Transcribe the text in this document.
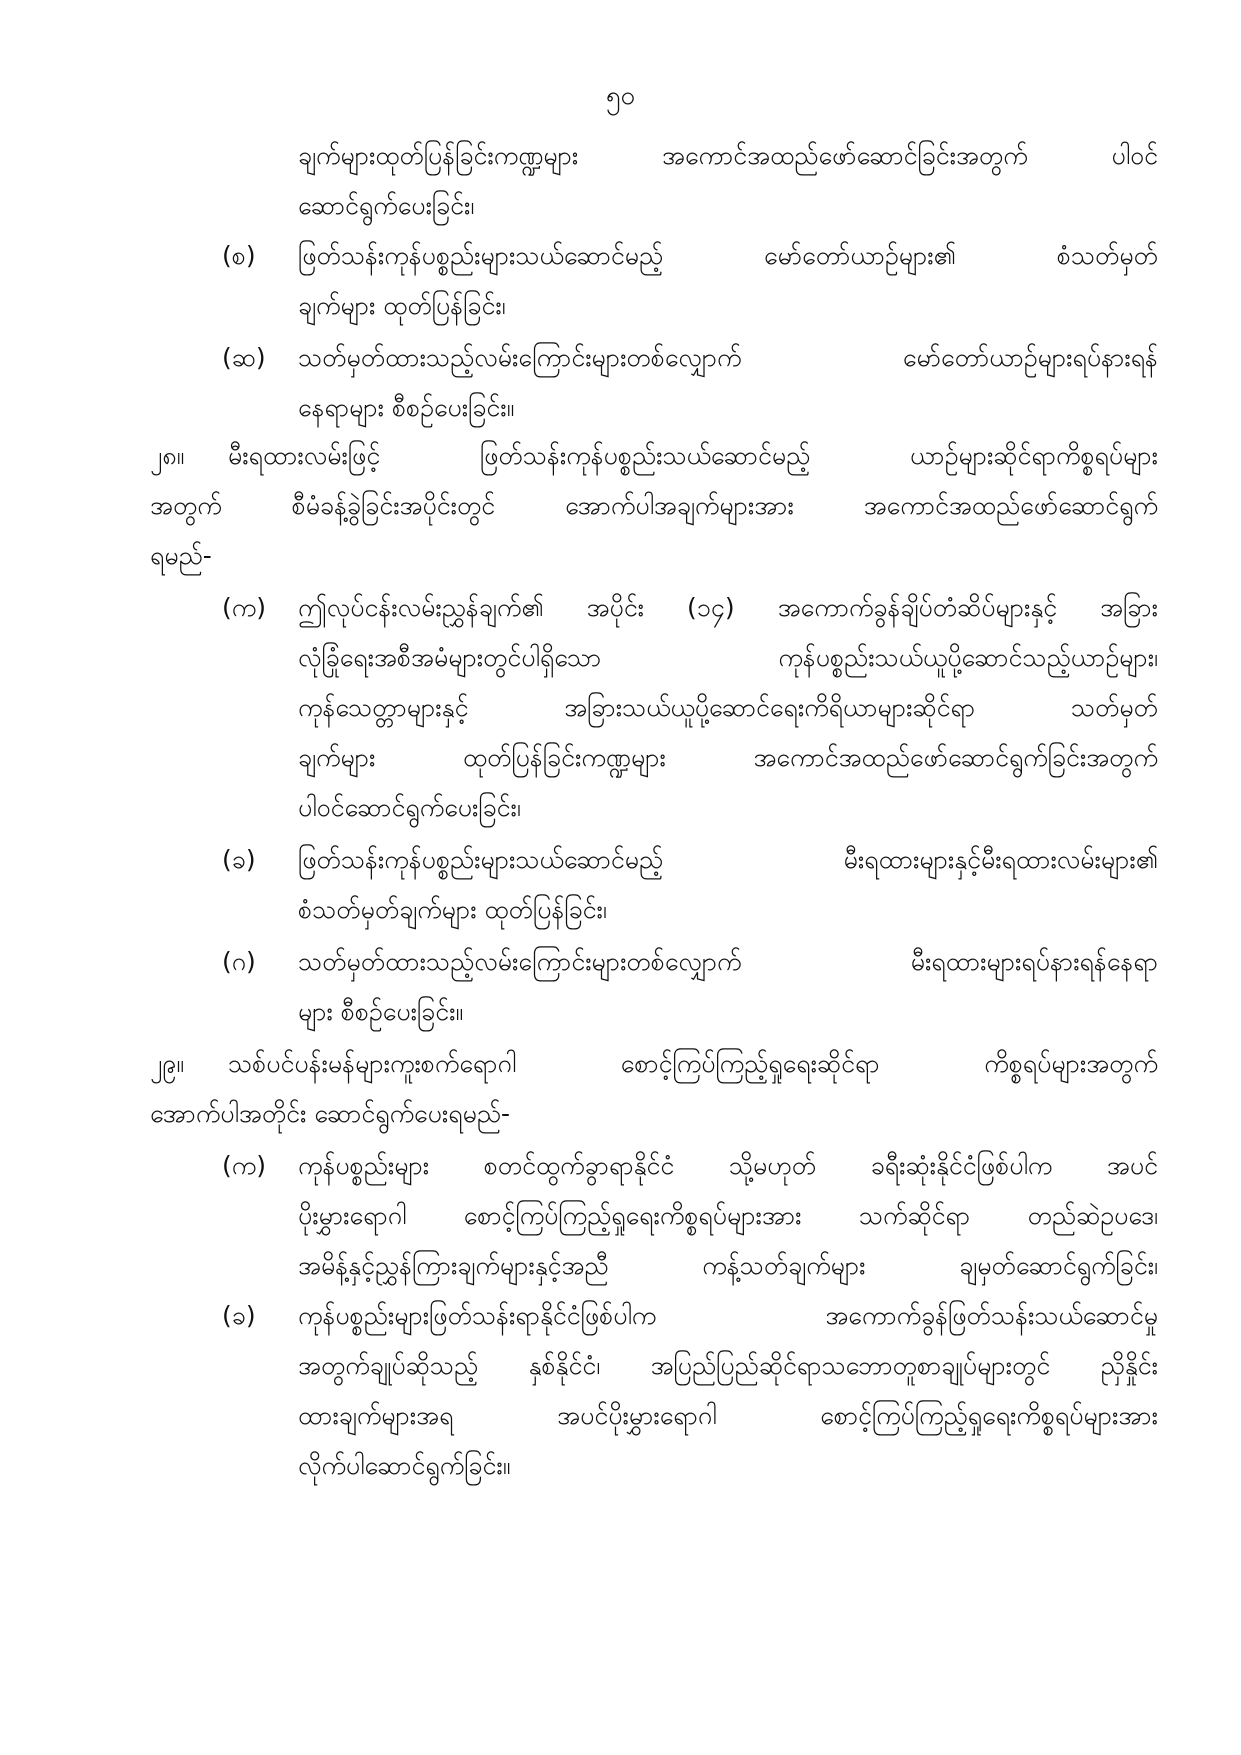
၅၀
ချက်များထုတ်ပြန်ခြင်းကဏ္ဍများ	အကောင်အထည်ဖော်ဆောင်ခြင်းအတွက်	ပါဝင်
ဆောင်ရွက်ပေးခြင်း၊
(စ) ဖြတ်သန်းကုန်ပစ္စည်းများသယ်ဆောင်မည့်	မော်တော်ယာဉ်များ၏	စံသတ်မှတ်
ချက်များ ထုတ်ပြန်ခြင်း၊
(ဆ) သတ်မှတ်ထားသည့်လမ်းကြောင်းများတစ်လျှောက်	မော်တော်ယာဉ်များရပ်နားရန်
နေရာများ စီစဉ်ပေးခြင်း။
၂၈။ မီးရထားလမ်းဖြင့်	ဖြတ်သန်းကုန်ပစ္စည်းသယ်ဆောင်မည့်	ယာဉ်များဆိုင်ရာကိစ္စရပ်များ
အတွက်	စီမံခန့်ခွဲခြင်းအပိုင်းတွင်	အောက်ပါအချက်များအား	အကောင်အထည်ဖော်ဆောင်ရွက်
ရမည်-
(က) ဤလုပ်ငန်းလမ်းညွှန်ချက်၏ အပိုင်း (၁၄) အကောက်ခွန်ချိပ်တံဆိပ်များနှင့် အခြား
လုံခြုံရေးအစီအမံများတွင်ပါရှိသော	ကုန်ပစ္စည်းသယ်ယူပို့ဆောင်သည့်ယာဉ်များ၊
ကုန်သေတ္တာများနှင့်	အခြားသယ်ယူပို့ဆောင်ရေးကိရိယာများဆိုင်ရာ	သတ်မှတ်
ချက်များ	ထုတ်ပြန်ခြင်းကဏ္ဍများ	အကောင်အထည်ဖော်ဆောင်ရွက်ခြင်းအတွက်
ပါဝင်ဆောင်ရွက်ပေးခြင်း၊
(ခ) ဖြတ်သန်းကုန်ပစ္စည်းများသယ်ဆောင်မည့်	မီးရထားများနှင့်မီးရထားလမ်းများ၏
စံသတ်မှတ်ချက်များ ထုတ်ပြန်ခြင်း၊
(ဂ) သတ်မှတ်ထားသည့်လမ်းကြောင်းများတစ်လျှောက်	မီးရထားများရပ်နားရန်နေရာ
များ စီစဉ်ပေးခြင်း။
၂၉။ သစ်ပင်ပန်းမန်များကူးစက်ရောဂါ	စောင့်ကြပ်ကြည့်ရှုရေးဆိုင်ရာ	ကိစ္စရပ်များအတွက်
အောက်ပါအတိုင်း ဆောင်ရွက်ပေးရမည်-
(က) ကုန်ပစ္စည်းများ စတင်ထွက်ခွာရာနိုင်ငံ သို့မဟုတ် ခရီးဆုံးနိုင်ငံဖြစ်ပါက အပင်
ပိုးမွှားရောဂါ စောင့်ကြပ်ကြည့်ရှုရေးကိစ္စရပ်များအား သက်ဆိုင်ရာ တည်ဆဲဥပဒေ၊
အမိန့်နှင့်ညွှန်ကြားချက်များနှင့်အညီ	ကန့်သတ်ချက်များ	ချမှတ်ဆောင်ရွက်ခြင်း၊
(ခ) ကုန်ပစ္စည်းများဖြတ်သန်းရာနိုင်ငံဖြစ်ပါက	အကောက်ခွန်ဖြတ်သန်းသယ်ဆောင်မှု
အတွက်ချုပ်ဆိုသည့် နှစ်နိုင်ငံ၊ အပြည်ပြည်ဆိုင်ရာသဘောတူစာချုပ်များတွင် ညှိနှိုင်း
ထားချက်များအရ	အပင်ပိုးမွှားရောဂါ	စောင့်ကြပ်ကြည့်ရှုရေးကိစ္စရပ်များအား
လိုက်ပါဆောင်ရွက်ခြင်း။
